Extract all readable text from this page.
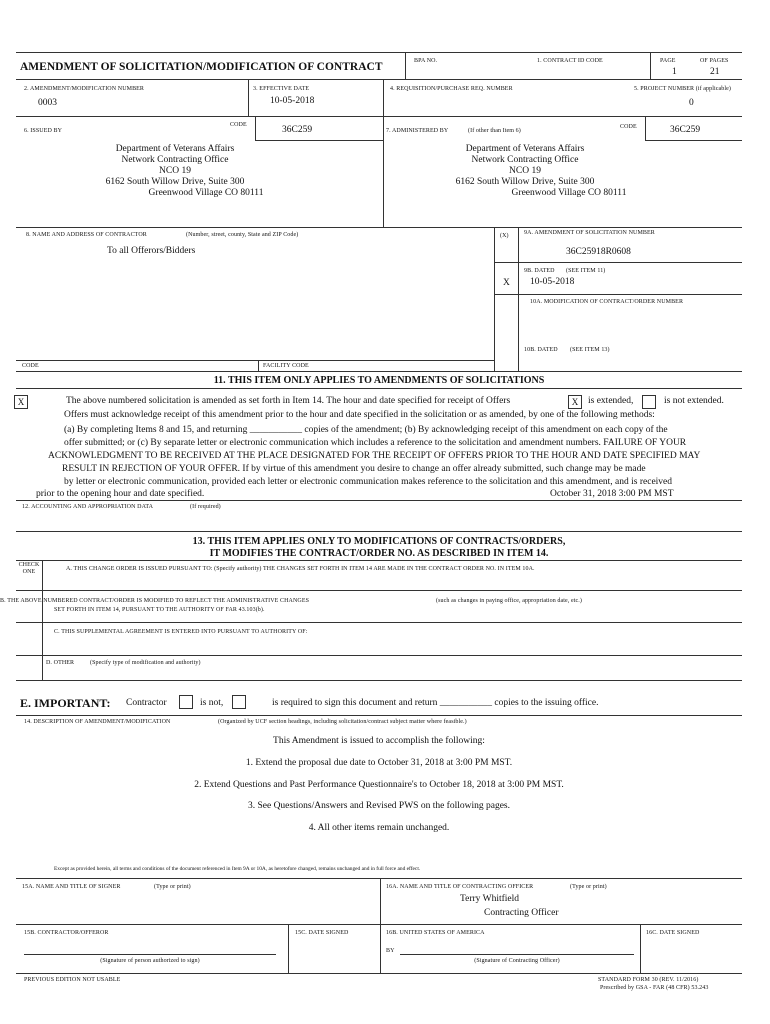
AMENDMENT OF SOLICITATION/MODIFICATION OF CONTRACT	BPA NO.	1. CONTRACT ID CODE	PAGE	OF PAGES
1	21
2. AMENDMENT/MODIFICATION NUMBER
0003
3. EFFECTIVE DATE
10-05-2018
4. REQUISITION/PURCHASE REQ. NUMBER	5. PROJECT NUMBER (if applicable)
0
6. ISSUED BY
CODE	36C259	7. ADMINISTERED BY	(If other than Item 6)
CODE	36C259
Department of Veterans Affairs
Network Contracting Office
NCO 19
6162 South Willow Drive, Suite 300
Greenwood Village CO 80111
Department of Veterans Affairs
Network Contracting Office
NCO 19
6162 South Willow Drive, Suite 300
Greenwood Village CO 80111
8. NAME AND ADDRESS OF CONTRACTOR	(Number, street, county, State and ZIP Code)
To all Offerors/Bidders
(X)	9A. AMENDMENT OF SOLICITATION NUMBER
36C25918R0608
9B. DATED (SEE ITEM 11)
X 10-05-2018
10A. MODIFICATION OF CONTRACT/ORDER NUMBER
10B. DATED (SEE ITEM 13)
CODE	FACILITY CODE
11. THIS ITEM ONLY APPLIES TO AMENDMENTS OF SOLICITATIONS
X	The above numbered solicitation is amended as set forth in Item 14. The hour and date specified for receipt of Offers	X	is extended,	is not extended.
Offers must acknowledge receipt of this amendment prior to the hour and date specified in the solicitation or as amended, by one of the following methods:
(a) By completing Items 8 and 15, and returning ___________ copies of the amendment; (b) By acknowledging receipt of this amendment on each copy of the
offer submitted; or (c) By separate letter or electronic communication which includes a reference to the solicitation and amendment numbers. FAILURE OF YOUR
ACKNOWLEDGMENT TO BE RECEIVED AT THE PLACE DESIGNATED FOR THE RECEIPT OF OFFERS PRIOR TO THE HOUR AND DATE SPECIFIED MAY
RESULT IN REJECTION OF YOUR OFFER. If by virtue of this amendment you desire to change an offer already submitted, such change may be made
by letter or electronic communication, provided each letter or electronic communication makes reference to the solicitation and this amendment, and is received
prior to the opening hour and date specified.	October 31, 2018 3:00 PM MST
12. ACCOUNTING AND APPROPRIATION DATA	(If required)
13. THIS ITEM APPLIES ONLY TO MODIFICATIONS OF CONTRACTS/ORDERS,
IT MODIFIES THE CONTRACT/ORDER NO. AS DESCRIBED IN ITEM 14.
CHECK
ONE	A. THIS CHANGE ORDER IS ISSUED PURSUANT TO: (Specify authority) THE CHANGES SET FORTH IN ITEM 14 ARE MADE IN THE CONTRACT ORDER NO. IN ITEM 10A.
B. THE ABOVE NUMBERED CONTRACT/ORDER IS MODIFIED TO REFLECT THE ADMINISTRATIVE CHANGES	(such as changes in paying office, appropriation date, etc.)
SET FORTH IN ITEM 14, PURSUANT TO THE AUTHORITY OF FAR 43.103(b).
C. THIS SUPPLEMENTAL AGREEMENT IS ENTERED INTO PURSUANT TO AUTHORITY OF:
D. OTHER	(Specify type of modification and authority)
E. IMPORTANT: Contractor	is not,	is required to sign this document and return ___________ copies to the issuing office.
14. DESCRIPTION OF AMENDMENT/MODIFICATION	(Organized by UCF section headings, including solicitation/contract subject matter where feasible.)
This Amendment is issued to accomplish the following:
1. Extend the proposal due date to October 31, 2018 at 3:00 PM MST.
2. Extend Questions and Past Performance Questionnaire's to October 18, 2018 at 3:00 PM MST.
3. See Questions/Answers and Revised PWS on the following pages.
4. All other items remain unchanged.
Except as provided herein, all terms and conditions of the document referenced in Item 9A or 10A, as heretofore changed, remains unchanged and in full force and effect.
15A. NAME AND TITLE OF SIGNER	(Type or print)	16A. NAME AND TITLE OF CONTRACTING OFFICER	(Type or print)
Terry Whitfield
Contracting Officer
15B. CONTRACTOR/OFFEROR	15C. DATE SIGNED	16B. UNITED STATES OF AMERICA	16C. DATE SIGNED
(Signature of person authorized to sign)
BY
(Signature of Contracting Officer)
PREVIOUS EDITION NOT USABLE	STANDARD FORM 30 (REV. 11/2016)
Prescribed by GSA - FAR (48 CFR) 53.243
